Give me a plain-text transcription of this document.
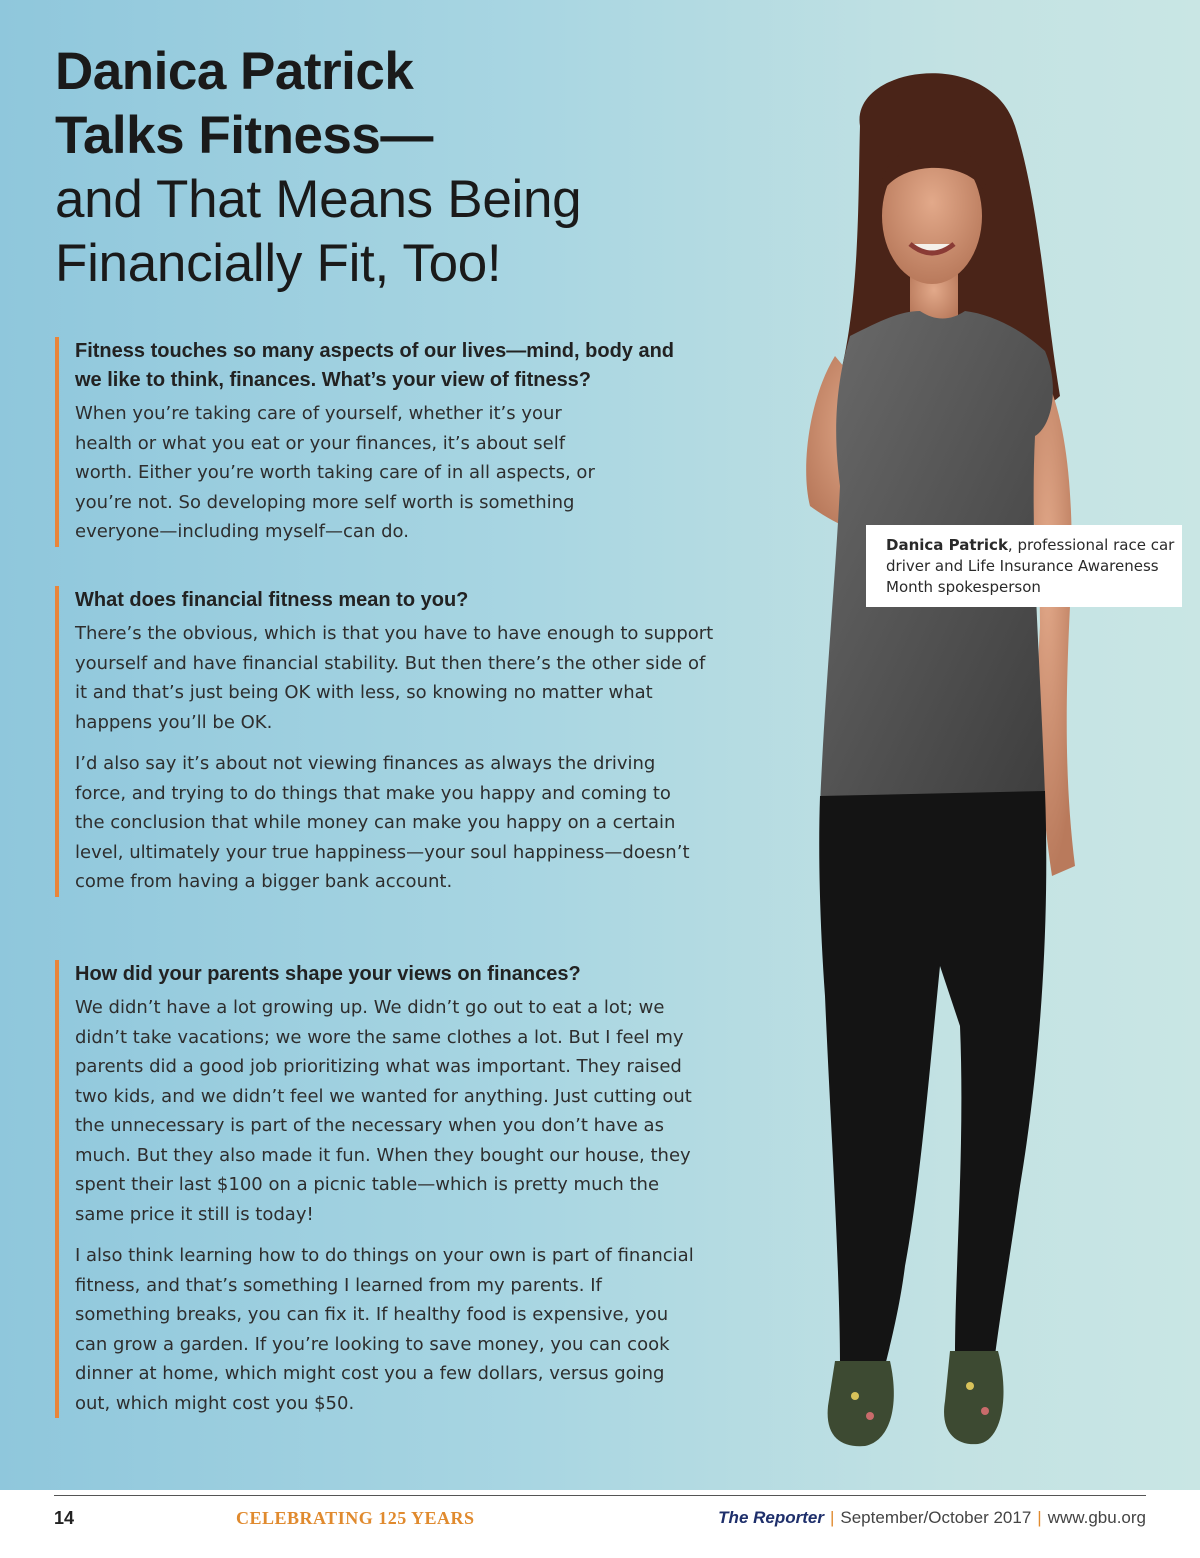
Danica Patrick
Talks Fitness—
and That Means Being
Financially Fit, Too!

Fitness touches so many aspects of our lives—mind, body and we like to think, finances. What’s your view of fitness?

When you’re taking care of yourself, whether it’s your health or what you eat or your finances, it’s about self worth. Either you’re worth taking care of in all aspects, or you’re not. So developing more self worth is something everyone—including myself—can do.

What does financial fitness mean to you?

There’s the obvious, which is that you have to have enough to support yourself and have financial stability. But then there’s the other side of it and that’s just being OK with less, so knowing no matter what happens you’ll be OK.

I’d also say it’s about not viewing finances as always the driving force, and trying to do things that make you happy and coming to the conclusion that while money can make you happy on a certain level, ultimately your true happiness—your soul happiness—doesn’t come from having a bigger bank account.

How did your parents shape your views on finances?

We didn’t have a lot growing up. We didn’t go out to eat a lot; we didn’t take vacations; we wore the same clothes a lot. But I feel my parents did a good job prioritizing what was important. They raised two kids, and we didn’t feel we wanted for anything. Just cutting out the unnecessary is part of the necessary when you don’t have as much. But they also made it fun. When they bought our house, they spent their last $100 on a picnic table—which is pretty much the same price it still is today!

I also think learning how to do things on your own is part of financial fitness, and that’s something I learned from my parents. If something breaks, you can fix it. If healthy food is expensive, you can grow a garden. If you’re looking to save money, you can cook dinner at home, which might cost you a few dollars, versus going out, which might cost you $50.

Danica Patrick, professional race car driver and Life Insurance Awareness Month spokesperson
14	CELEBRATING 125 YEARS	The Reporter | September/October 2017 | www.gbu.org
